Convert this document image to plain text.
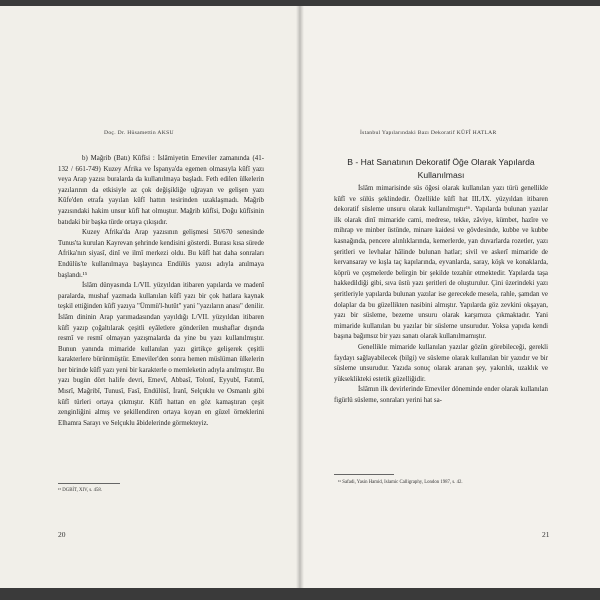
Doç. Dr. Hüsamettin AKSU

b) Mağrib (Batı) Kûfîsi : İslâmiyetin Emeviler zamanında (41-132 / 661-749) Kuzey Afrika ve İspanya'da egemen olmasıyla kûfî yazı veya Arap yazısı buralarda da kullanılmaya başladı. Feth edilen ülkelerin yazılarının da etkisiyle az çok değişikliğe uğrayan ve gelişen yazı Kûfe'den etrafa yayılan kûfî hattın tesirinden uzaklaşmadı. Mağrib yazısındaki hakim unsur kûfî hat olmuştur. Mağrib kûfîsi, Doğu kûfîsinin batıdaki bir başka türde ortaya çıkışıdır.

Kuzey Afrika'da Arap yazısının gelişmesi 50/670 senesinde Tunus'ta kurulan Kayrevan şehrinde kendisini gösterdi. Burası kısa sürede Afrika'nın siyasî, dinî ve ilmî merkezi oldu. Bu kûfî hat daha sonraları Endülüs'te kullanılmaya başlayınca Endülüs yazısı adıyla anılmaya başlandı.¹⁵

İslâm dünyasında I./VII. yüzyıldan itibaren yapılarda ve madenî paralarda, mushaf yazmada kullanılan kûfî yazı bir çok hatlara kaynak teşkil ettiğinden kûfî yazıya "Ümmü'l-hutût" yani "yazıların anası" denilir. İslâm dininin Arap yarımadasından yayıldığı I./VII. yüzyıldan itibaren kûfî yazıp çoğaltılarak çeşitli eyâletlere gönderilen mushaflar dışında resmî ve resmî olmayan yazışmalarda da yine bu yazı kullanılmıştır. Bunun yanında mimaride kullanılan yazı girtikçe gelişerek çeşitli karakterlere bürünmüştür. Emeviler'den sonra hemen müslüman ülkelerin her birinde kûfî yazı yeni bir karakterle o memleketin adıyla anılmıştır. Bu yazı bugün dört halife devri, Emevî, Abbasî, Tolonî, Eyyubî, Fatımî, Mısrî, Mağribî, Tunusî, Fasî, Endülüsî, İranî, Selçuklu ve Osmanlı gibi kûfî türleri ortaya çıkmıştır. Kûfî hattan en göz kamaştıran çeşit zenginliğini almış ve şekillendiren ortaya koyan en güzel örneklerini Elhamra Sarayı ve Selçuklu âbidelerinde görmekteyiz.

¹⁵ DGBİT, XIV, s. 458.
20
İstanbul Yapılarındaki Bazı Dekoratif KÛFÎ HATLAR
B - Hat Sanatının Dekoratif Öğe Olarak Yapılarda Kullanılması

İslâm mimarisinde süs öğesi olarak kullanılan yazı türü genellikle kûfî ve sülüs şeklindedir. Özellikle kûfî hat III./IX. yüzyıldan itibaren dekoratif süsleme unsuru olarak kullanılmıştır¹⁶. Yapılarda bulunan yazılar ilk olarak dinî mimaride cami, medrese, tekke, zâviye, kümbet, hazîre ve mihrap ve minber üstünde, minare kaidesi ve gövdesinde, kubbe ve kubbe kasnağında, pencere alınlıklarında, kemerlerde, yan duvarlarda rozetler, yazı şeritleri ve levhalar hâlinde bulunan hatlar; sivil ve askerî mimaride de kervansaray ve kışla taç kapılarında, eyvanlarda, saray, köşk ve konaklarda, köprü ve çeşmelerde belirgin bir şekilde tezahür etmektedir. Yapılarda taşa hakkedildiği gibi, sıva üstü yazı şeritleri de oluşturulur. Çini üzerindeki yazı şeritleriyle yapılarda bulunan yazılar ise gerecekde mesela, rahle, şamdan ve dolaplar da bu güzellikten nasibini almıştır. Yapılarda göz zevkini okşayan, yazı bir süsleme, bezeme unsuru olarak karşımıza çıkmaktadır. Yani mimaride kullanılan bu yazılar bir süsleme unsurudur. Yoksa yapıda kendi başına bağımsız bir yazı sanatı olarak kullanılmamıştır.

Genellikle mimaride kullanılan yazılar gözün görebileceği, gerekli faydayı sağlayabilecek (bilgi) ve süsleme olarak kullanılan bir yazıdır ve bir süsleme unsurudur. Yazıda sonuç olarak aranan şey, yakınlık, uzaklık ve yükseklikteki estetik güzelliğidir.

İslâmın ilk devirlerinde Emeviler döneminde ender olarak kullanılan figürlü süsleme, sonraları yerini hat sa-

¹⁶ Safadi, Yasin Hamid, Islamic Calligraphy, London 1987, s. 42.
21
